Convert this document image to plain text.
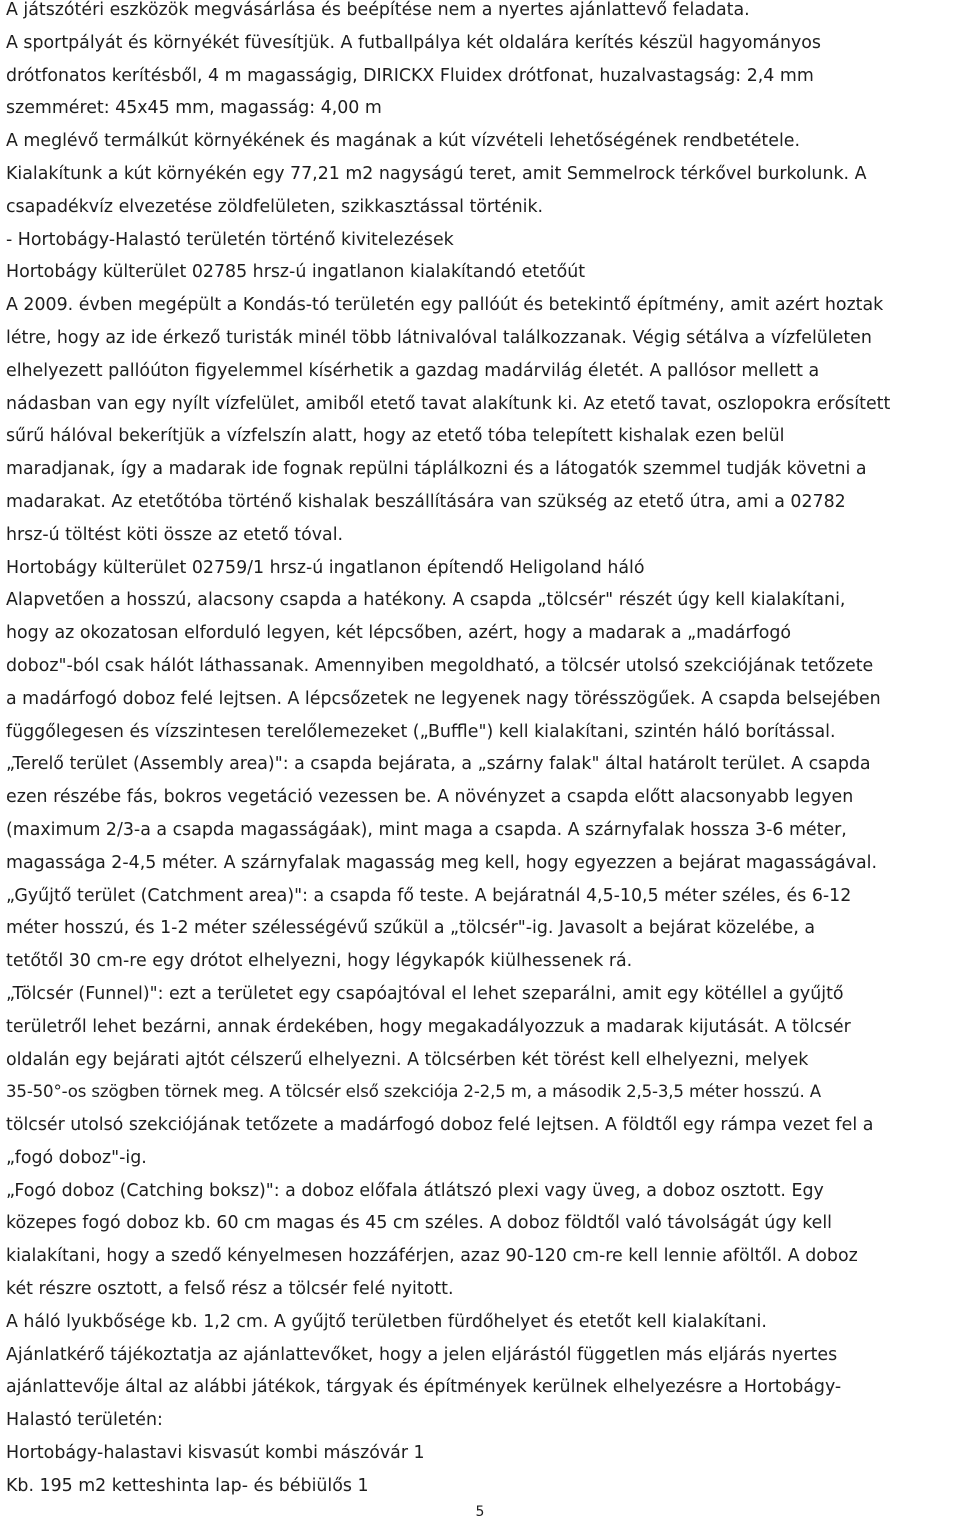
A játszótéri eszközök megvásárlása és beépítése nem a nyertes ajánlattevő feladata.
A sportpályát és környékét füvesítjük. A futballpálya két oldalára kerítés készül hagyományos
drótfonatos kerítésből, 4 m magasságig, DIRICKX Fluidex drótfonat, huzalvastagság: 2,4 mm
szemméret: 45x45 mm, magasság: 4,00 m
A meglévő termálkút környékének és magának a kút vízvételi lehetőségének rendbetétele.
Kialakítunk a kút környékén egy 77,21 m2 nagyságú teret, amit Semmelrock térkővel burkolunk. A
csapadékvíz elvezetése zöldfelületen, szikkasztással történik.
- Hortobágy-Halastó területén történő kivitelezések
Hortobágy külterület 02785 hrsz-ú ingatlanon kialakítandó etetőút
A 2009. évben megépült a Kondás-tó területén egy pallóút és betekintő építmény, amit azért hoztak
létre, hogy az ide érkező turisták minél több látnivalóval találkozzanak. Végig sétálva a vízfelületen
elhelyezett pallóúton figyelemmel kísérhetik a gazdag madárvilág életét. A pallósor mellett a
nádasban van egy nyílt vízfelület, amiből etető tavat alakítunk ki. Az etető tavat, oszlopokra erősített
sűrű hálóval bekerítjük a vízfelszín alatt, hogy az etető tóba telepített kishalak ezen belül
maradjanak, így a madarak ide fognak repülni táplálkozni és a látogatók szemmel tudják követni a
madarakat. Az etetőtóba történő kishalak beszállítására van szükség az etető útra, ami a 02782
hrsz-ú töltést köti össze az etető tóval.
Hortobágy külterület 02759/1 hrsz-ú ingatlanon építendő Heligoland háló
Alapvetően a hosszú, alacsony csapda a hatékony. A csapda „tölcsér" részét úgy kell kialakítani,
hogy az okozatosan elforduló legyen, két lépcsőben, azért, hogy a madarak a „madárfogó
doboz"-ból csak hálót láthassanak. Amennyiben megoldható, a tölcsér utolsó szekciójának tetőzete
a madárfogó doboz felé lejtsen. A lépcsőzetek ne legyenek nagy törésszögűek. A csapda belsejében
függőlegesen és vízszintesen terelőlemezeket („Buffle") kell kialakítani, szintén háló borítással.
„Terelő terület (Assembly area)": a csapda bejárata, a „szárny falak" által határolt terület. A csapda
ezen részébe fás, bokros vegetáció vezessen be. A növényzet a csapda előtt alacsonyabb legyen
(maximum 2/3-a a csapda magasságáak), mint maga a csapda. A szárnyfalak hossza 3-6 méter,
magassága 2-4,5 méter. A szárnyfalak magasság meg kell, hogy egyezzen a bejárat magasságával.
„Gyűjtő terület (Catchment area)": a csapda fő teste. A bejáratnál 4,5-10,5 méter széles, és 6-12
méter hosszú, és 1-2 méter szélességévű szűkül a „tölcsér"-ig. Javasolt a bejárat közelébe, a
tetőtől 30 cm-re egy drótot elhelyezni, hogy légykapók kiülhessenek rá.
„Tölcsér (Funnel)": ezt a területet egy csapóajtóval el lehet szeparálni, amit egy kötéllel a gyűjtő
területről lehet bezárni, annak érdekében, hogy megakadályozzuk a madarak kijutását. A tölcsér
oldalán egy bejárati ajtót célszerű elhelyezni. A tölcsérben két törést kell elhelyezni, melyek
35-50°-os szögben törnek meg. A tölcsér első szekciója 2-2,5 m, a második 2,5-3,5 méter hosszú. A
tölcsér utolsó szekciójának tetőzete a madárfogó doboz felé lejtsen. A földtől egy rámpa vezet fel a
„fogó doboz"-ig.
„Fogó doboz (Catching boksz)": a doboz előfala átlátszó plexi vagy üveg, a doboz osztott. Egy
közepes fogó doboz kb. 60 cm magas és 45 cm széles. A doboz földtől való távolságát úgy kell
kialakítani, hogy a szedő kényelmesen hozzáférjen, azaz 90-120 cm-re kell lennie aföltől. A doboz
két részre osztott, a felső rész a tölcsér felé nyitott.
A háló lyukbősége kb. 1,2 cm. A gyűjtő területben fürdőhelyet és etetőt kell kialakítani.
Ajánlatkérő tájékoztatja az ajánlattevőket, hogy a jelen eljárástól független más eljárás nyertes
ajánlattevője által az alábbi játékok, tárgyak és építmények kerülnek elhelyezésre a Hortobágy-
Halastó területén:
Hortobágy-halastavi kisvasút kombi mászóvár 1
Kb. 195 m2 ketteshinta lap- és bébiülős 1
5
